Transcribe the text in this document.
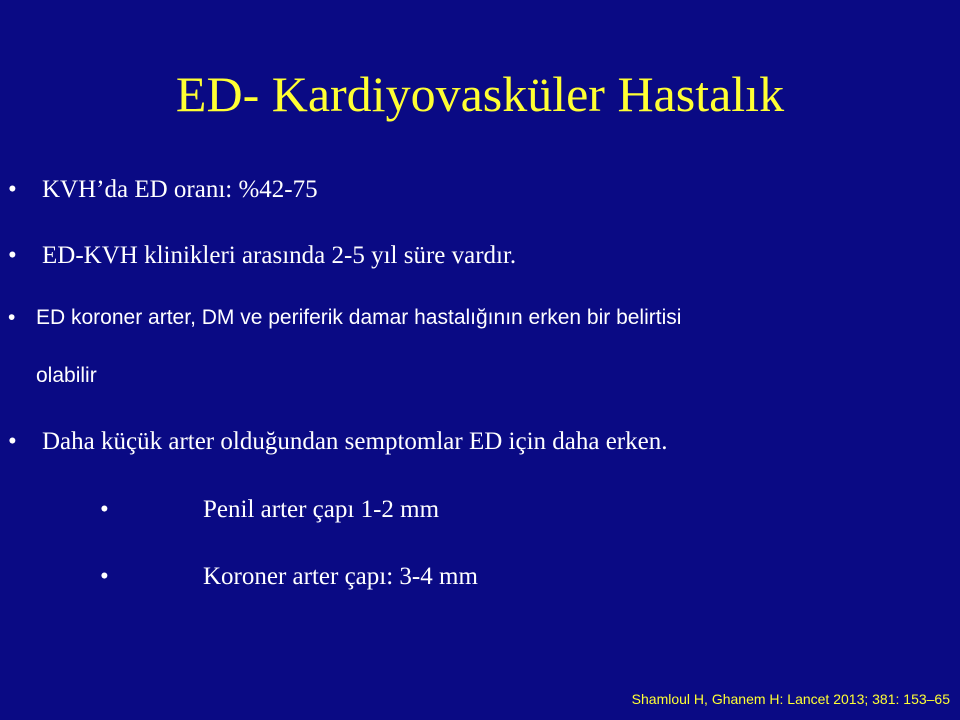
ED- Kardiyovasküler Hastalık
• KVH’da ED oranı: %42-75
• ED-KVH klinikleri arasında 2-5 yıl süre vardır.
• ED koroner arter, DM ve periferik damar hastalığının erken bir belirtisi
olabilir
• Daha küçük arter olduğundan semptomlar ED için daha erken.
•	Penil arter çapı 1-2 mm
•	Koroner arter çapı: 3-4 mm
Shamloul H, Ghanem H: Lancet 2013; 381: 153–65
